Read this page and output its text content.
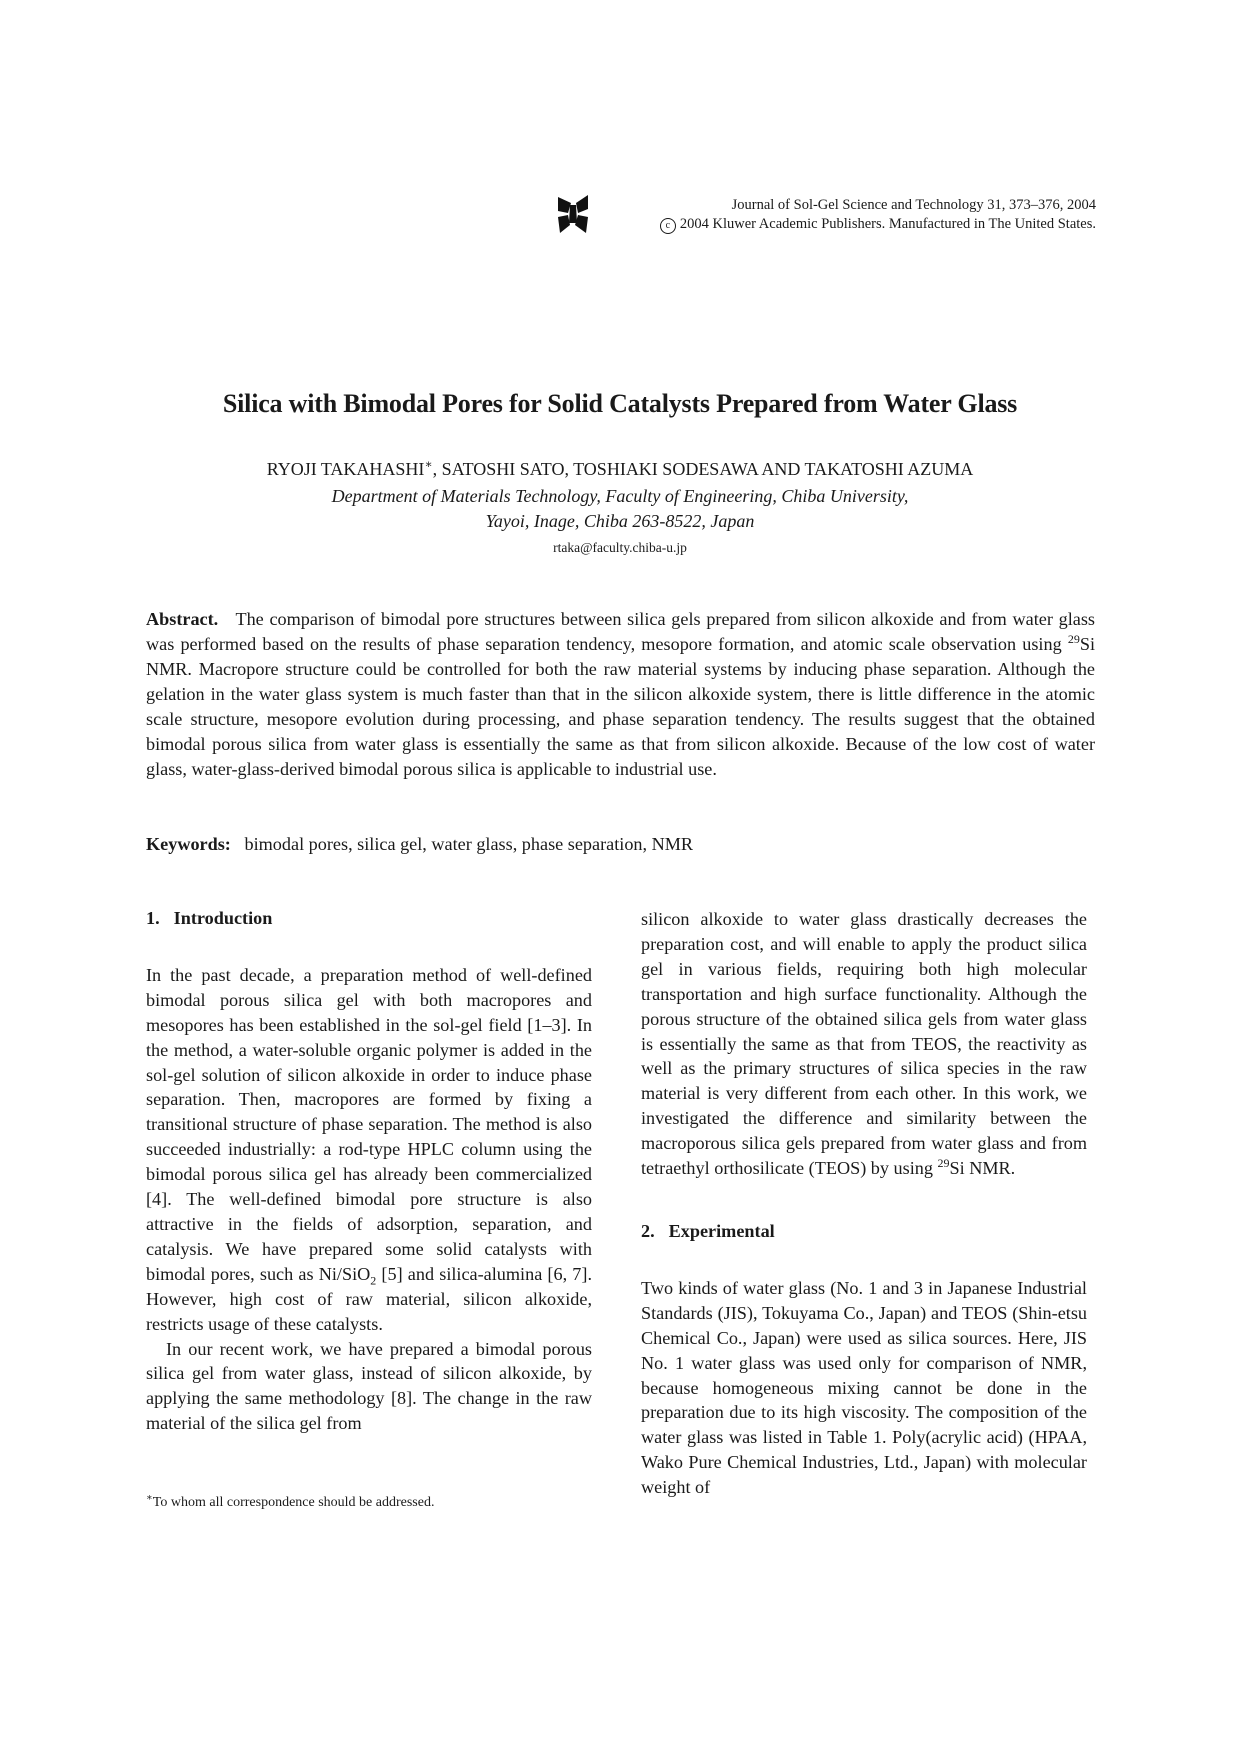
Journal of Sol-Gel Science and Technology 31, 373–376, 2004
c 2004 Kluwer Academic Publishers. Manufactured in The United States.
Silica with Bimodal Pores for Solid Catalysts Prepared from Water Glass
RYOJI TAKAHASHI∗, SATOSHI SATO, TOSHIAKI SODESAWA AND TAKATOSHI AZUMA
Department of Materials Technology, Faculty of Engineering, Chiba University,
Yayoi, Inage, Chiba 263-8522, Japan
rtaka@faculty.chiba-u.jp

Abstract. The comparison of bimodal pore structures between silica gels prepared from silicon alkoxide and from water glass was performed based on the results of phase separation tendency, mesopore formation, and atomic scale observation using $^{29}$Si NMR. Macropore structure could be controlled for both the raw material systems by inducing phase separation. Although the gelation in the water glass system is much faster than that in the silicon alkoxide system, there is little difference in the atomic scale structure, mesopore evolution during processing, and phase separation tendency. The results suggest that the obtained bimodal porous silica from water glass is essentially the same as that from silicon alkoxide. Because of the low cost of water glass, water-glass-derived bimodal porous silica is applicable to industrial use.

Keywords: bimodal pores, silica gel, water glass, phase separation, NMR

1. Introduction

In the past decade, a preparation method of well-defined bimodal porous silica gel with both macropores and mesopores has been established in the sol-gel field [1–3]. In the method, a water-soluble organic polymer is added in the sol-gel solution of silicon alkoxide in order to induce phase separation. Then, macropores are formed by fixing a transitional structure of phase separation. The method is also succeeded industrially: a rod-type HPLC column using the bimodal porous silica gel has already been commercialized [4]. The well-defined bimodal pore structure is also attractive in the fields of adsorption, separation, and catalysis. We have prepared some solid catalysts with bimodal pores, such as Ni/SiO$_2$ [5] and silica-alumina [6, 7]. However, high cost of raw material, silicon alkoxide, restricts usage of these catalysts.

In our recent work, we have prepared a bimodal porous silica gel from water glass, instead of silicon alkoxide, by applying the same methodology [8]. The change in the raw material of the silica gel from

silicon alkoxide to water glass drastically decreases the preparation cost, and will enable to apply the product silica gel in various fields, requiring both high molecular transportation and high surface functionality. Although the porous structure of the obtained silica gels from water glass is essentially the same as that from TEOS, the reactivity as well as the primary structures of silica species in the raw material is very different from each other. In this work, we investigated the difference and similarity between the macroporous silica gels prepared from water glass and from tetraethyl orthosilicate (TEOS) by using $^{29}$Si NMR.

2. Experimental

Two kinds of water glass (No. 1 and 3 in Japanese Industrial Standards (JIS), Tokuyama Co., Japan) and TEOS (Shin-etsu Chemical Co., Japan) were used as silica sources. Here, JIS No. 1 water glass was used only for comparison of NMR, because homogeneous mixing cannot be done in the preparation due to its high viscosity. The composition of the water glass was listed in Table 1. Poly(acrylic acid) (HPAA, Wako Pure Chemical Industries, Ltd., Japan) with molecular weight of

∗To whom all correspondence should be addressed.
